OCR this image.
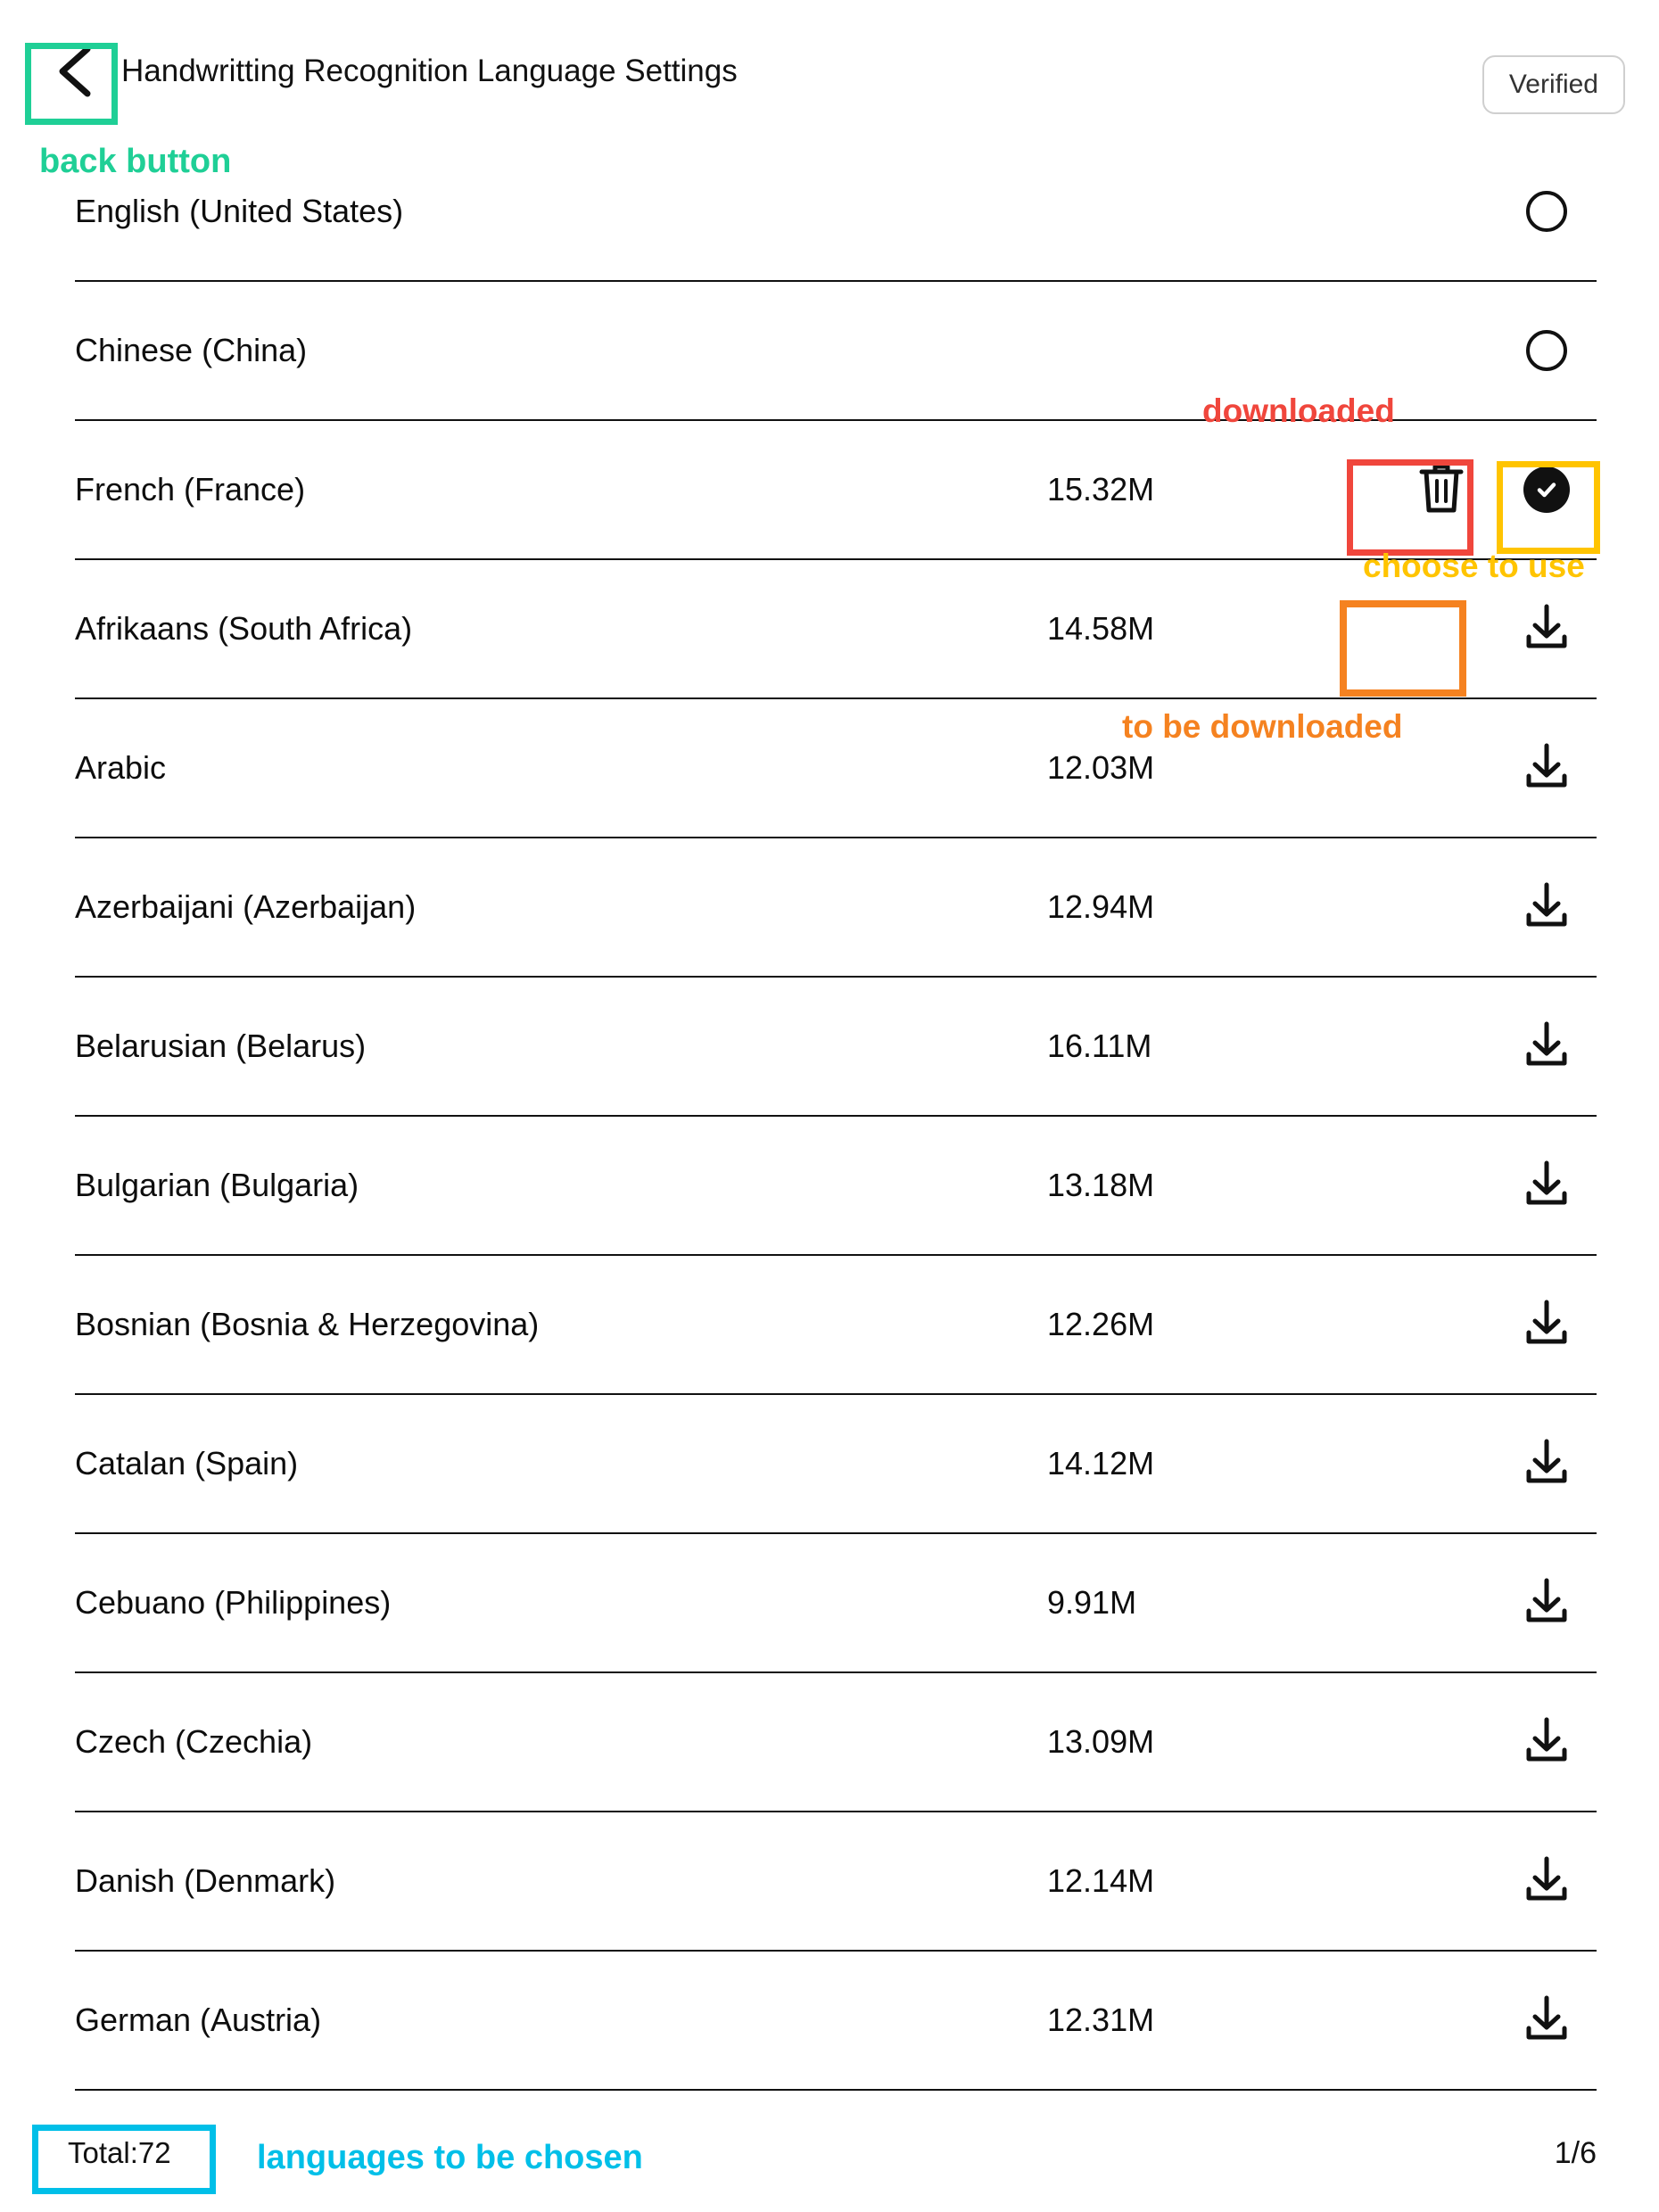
Handwritting Recognition Language Settings	Verified
back button
English (United States)
Chinese (China)
French (France)	15.32M
Afrikaans (South Africa)	14.58M
Arabic	12.03M
Azerbaijani (Azerbaijan)	12.94M
Belarusian (Belarus)	16.11M
Bulgarian (Bulgaria)	13.18M
Bosnian (Bosnia & Herzegovina)	12.26M
Catalan (Spain)	14.12M
Cebuano (Philippines)	9.91M
Czech (Czechia)	13.09M
Danish (Denmark)	12.14M
German (Austria)	12.31M
downloaded
choose to use
to be downloaded
languages to be chosen
Total:72	1/6
